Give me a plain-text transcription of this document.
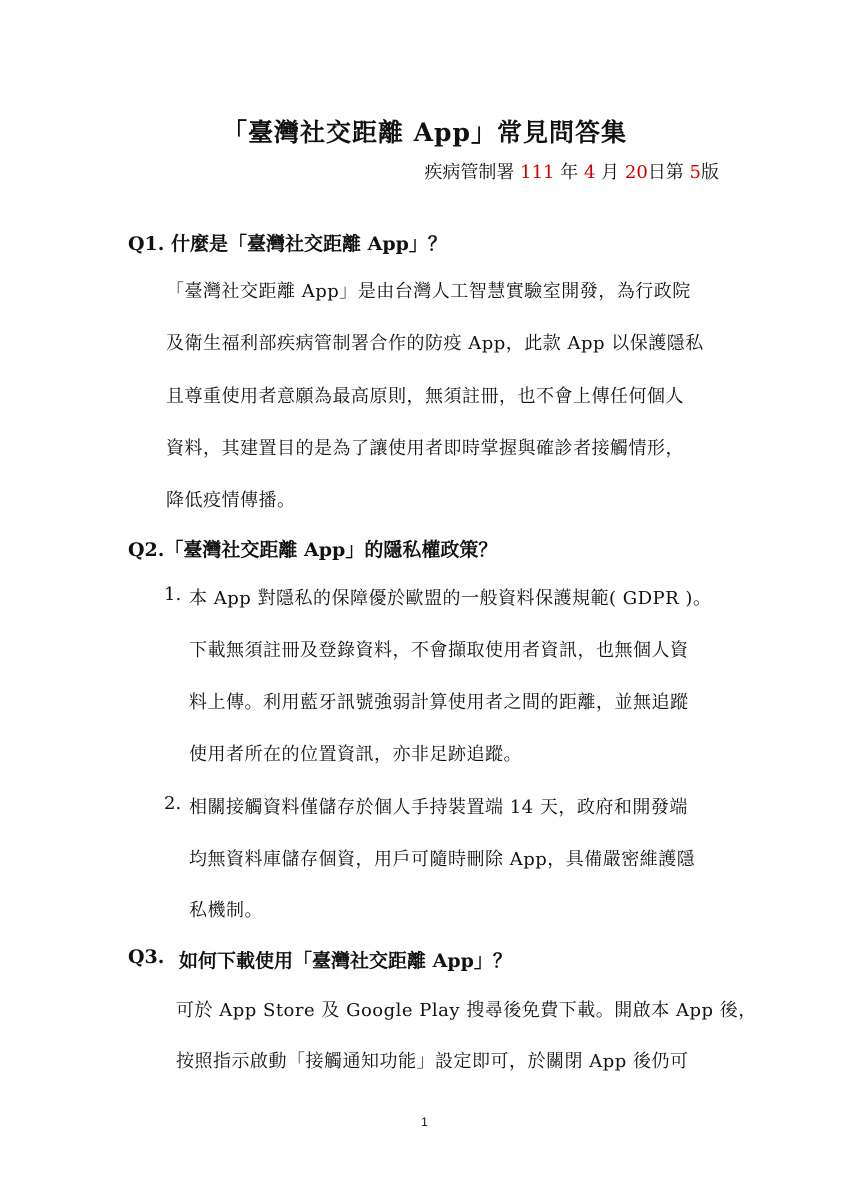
「臺灣社交距離 App」常見問答集
疾病管制署 111 年 4 月 20日第 5版
Q1. 什麼是「臺灣社交距離 App」？
「臺灣社交距離 App」是由台灣人工智慧實驗室開發，為行政院
及衛生福利部疾病管制署合作的防疫 App，此款 App 以保護隱私
且尊重使用者意願為最高原則，無須註冊，也不會上傳任何個人
資料，其建置目的是為了讓使用者即時掌握與確診者接觸情形，
降低疫情傳播。
Q2.「臺灣社交距離 App」的隱私權政策？
1. 本 App 對隱私的保障優於歐盟的一般資料保護規範( GDPR )。
下載無須註冊及登錄資料，不會擷取使用者資訊，也無個人資
料上傳。利用藍牙訊號強弱計算使用者之間的距離，並無追蹤
使用者所在的位置資訊，亦非足跡追蹤。
2. 相關接觸資料僅儲存於個人手持裝置端 14 天，政府和開發端
均無資料庫儲存個資，用戶可隨時刪除 App，具備嚴密維護隱
私機制。
Q3. 如何下載使用「臺灣社交距離 App」？
可於 App Store 及 Google Play 搜尋後免費下載。開啟本 App 後，
按照指示啟動「接觸通知功能」設定即可，於關閉 App 後仍可
1
